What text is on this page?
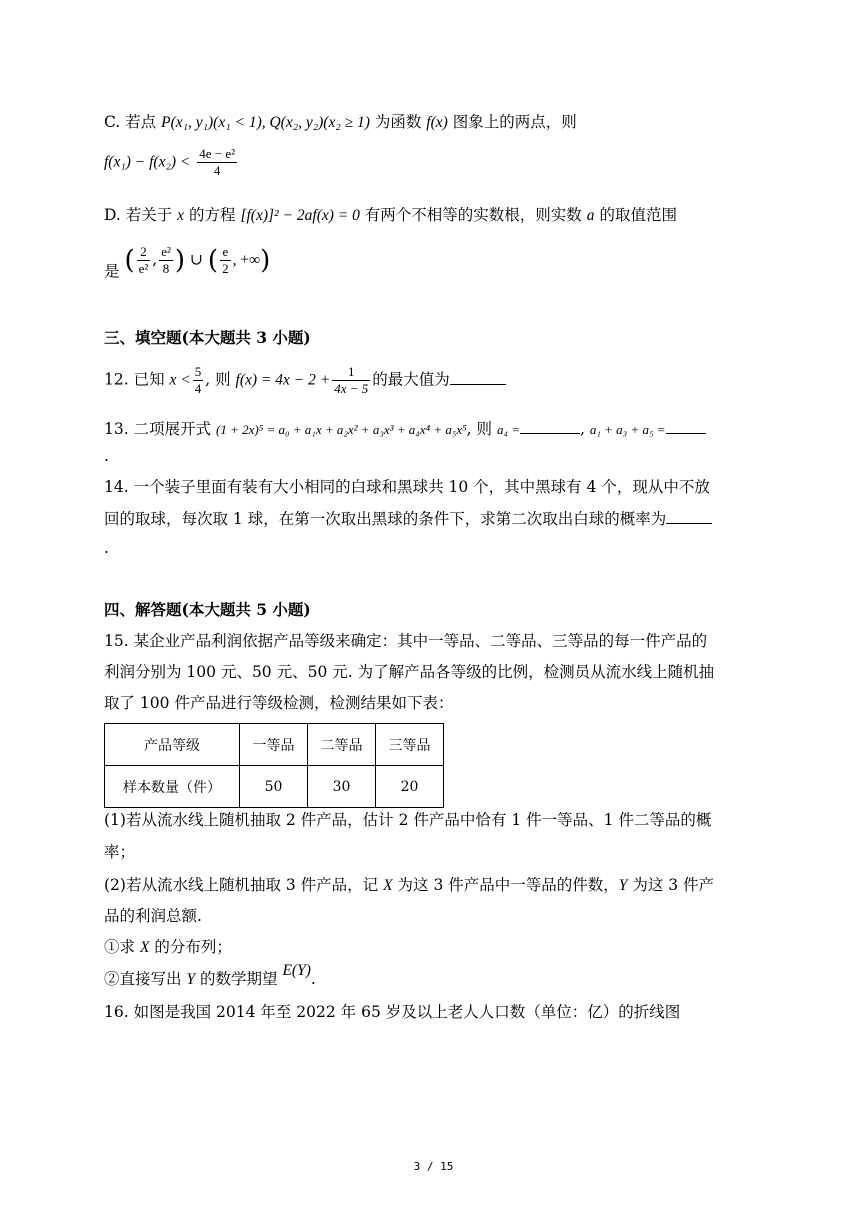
C. 若点 P(x₁, y₁)(x₁ < 1), Q(x₂, y₂)(x₂ ≥ 1) 为函数 f(x) 图象上的两点，则
$f(x_1) - f(x_2) < \frac{\text{4e − e²}}{4}$
D. 若关于 x 的方程 [f(x)]² − 2af(x) = 0 有两个不相等的实数根，则实数 a 的取值范围
是 ( $\frac{2}{\text{e²}}$ , $\frac{\text{e²}}{8}$ ) ∪ ( $\frac{e}{2}$ , +∞)
三、填空题(本大题共 3 小题)
12. 已知 $x < \frac{5}{4}$ , 则 $f(x) = 4x - 2 + \frac{1}{4x - 5}$ 的最大值为
13. 二项展开式 (1 + 2x)⁵ = a₀ + a₁x + a₂x² + a₃x³ + a₄x⁴ + a₅x⁵, 则 a₄ =	, a₁ + a₃ + a₅ =
.
14. 一个装子里面有装有大小相同的白球和黑球共 10 个，其中黑球有 4 个，现从中不放
回的取球，每次取 1 球，在第一次取出黑球的条件下，求第二次取出白球的概率为
.
四、解答题(本大题共 5 小题)
15. 某企业产品利润依据产品等级来确定：其中一等品、二等品、三等品的每一件产品的
利润分别为 100 元、50 元、50 元. 为了解产品各等级的比例，检测员从流水线上随机抽
取了 100 件产品进行等级检测，检测结果如下表：
产品等级	一等品	二等品	三等品
样本数量（件）	50	30	20
(1)若从流水线上随机抽取 2 件产品，估计 2 件产品中恰有 1 件一等品、1 件二等品的概
率；
(2)若从流水线上随机抽取 3 件产品，记 X 为这 3 件产品中一等品的件数，Y 为这 3 件产
品的利润总额.
①求 X 的分布列；
②直接写出 Y 的数学期望 E(Y).
16. 如图是我国 2014 年至 2022 年 65 岁及以上老人人口数（单位：亿）的折线图
3 / 15
